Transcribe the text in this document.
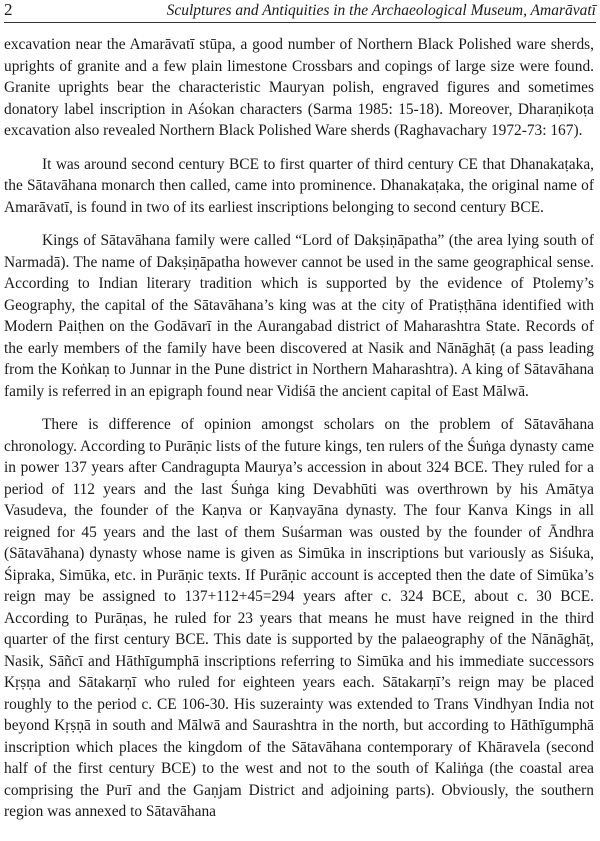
2	Sculptures and Antiquities in the Archaeological Museum, Amarāvatī

excavation near the Amarāvatī stūpa, a good number of Northern Black Polished ware sherds, uprights of granite and a few plain limestone Crossbars and copings of large size were found. Granite uprights bear the characteristic Mauryan polish, engraved figures and sometimes donatory label inscription in Aśokan characters (Sarma 1985: 15-18). Moreover, Dharaṇikoṭa excavation also revealed Northern Black Polished Ware sherds (Raghavachary 1972-73: 167).

It was around second century BCE to first quarter of third century CE that Dhanakaṭaka, the Sātavāhana monarch then called, came into prominence. Dhanakaṭaka, the original name of Amarāvatī, is found in two of its earliest inscriptions belonging to second century BCE.

Kings of Sātavāhana family were called “Lord of Dakṣiṇāpatha” (the area lying south of Narmadā). The name of Dakṣiṇāpatha however cannot be used in the same geographical sense. According to Indian literary tradition which is supported by the evidence of Ptolemy’s Geography, the capital of the Sātavāhana’s king was at the city of Pratiṣṭhāna identified with Modern Paiṭhen on the Godāvarī in the Aurangabad district of Maharashtra State. Records of the early members of the family have been discovered at Nasik and Nānāghāṭ (a pass leading from the Koṅkaṇ to Junnar in the Pune district in Northern Maharashtra). A king of Sātavāhana family is referred in an epigraph found near Vidiśā the ancient capital of East Mālwā.

There is difference of opinion amongst scholars on the problem of Sātavāhana chronology. According to Purāṇic lists of the future kings, ten rulers of the Śuṅga dynasty came in power 137 years after Candragupta Maurya’s accession in about 324 BCE. They ruled for a period of 112 years and the last Śuṅga king Devabhūti was overthrown by his Amātya Vasudeva, the founder of the Kaṇva or Kaṇvayāna dynasty. The four Kanva Kings in all reigned for 45 years and the last of them Suśarman was ousted by the founder of Āndhra (Sātavāhana) dynasty whose name is given as Simūka in inscriptions but variously as Siśuka, Śipraka, Simūka, etc. in Purāṇic texts. If Purāṇic account is accepted then the date of Simūka’s reign may be assigned to 137+112+45=294 years after c. 324 BCE, about c. 30 BCE. According to Purāṇas, he ruled for 23 years that means he must have reigned in the third quarter of the first century BCE. This date is supported by the palaeography of the Nānāghāṭ, Nasik, Sāñcī and Hāthīgumphā inscriptions referring to Simūka and his immediate successors Kṛṣṇa and Sātakarṇī who ruled for eighteen years each. Sātakarṇī’s reign may be placed roughly to the period c. CE 106-30. His suzerainty was extended to Trans Vindhyan India not beyond Kṛṣṇā in south and Mālwā and Saurashtra in the north, but according to Hāthīgumphā inscription which places the kingdom of the Sātavāhana contemporary of Khāravela (second half of the first century BCE) to the west and not to the south of Kaliṅga (the coastal area comprising the Purī and the Gaṇjam District and adjoining parts). Obviously, the southern region was annexed to Sātavāhana
